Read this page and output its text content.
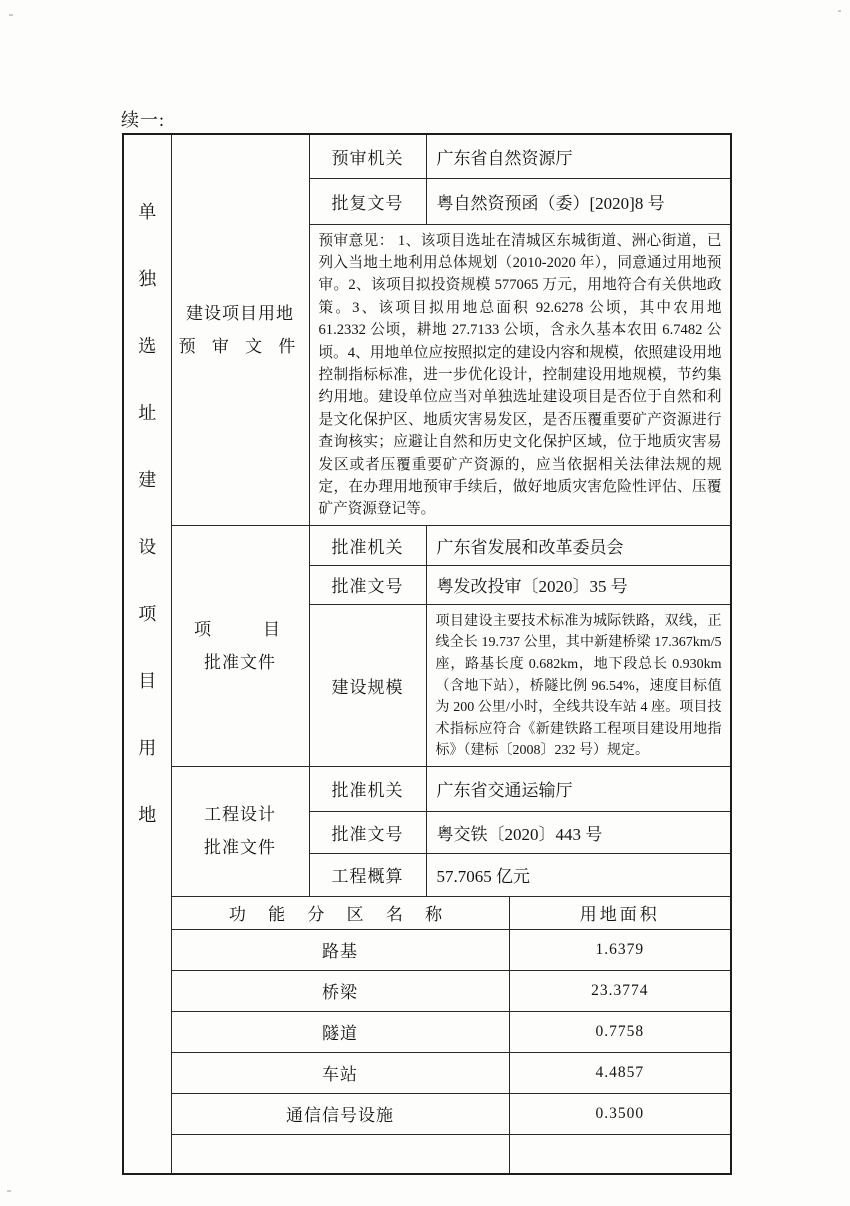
续一:
单
独
选
址
建
设
项
目
用
地

建设项目用地
预 审 文 件
	预审机关	广东省自然资源厅

		批复文号	粤自然资预函（委）[2020]8 号	

		预审意见： 1、该项目选址在清城区东城街道、洲心街道，已列入当地土地利用总体规划（2010-2020 年），同意通过用地预审。2、该项目拟投资规模 577065 万元，用地符合有关供地政策。3、该项目拟用地总面积 92.6278 公顷，其中农用地 61.2332 公顷，耕地 27.7133 公顷，含永久基本农田 6.7482 公顷。4、用地单位应按照拟定的建设内容和规模，依照建设用地控制指标标准，进一步优化设计，控制建设用地规模，节约集约用地。建设单位应当对单独选址建设项目是否位于自然和利是文化保护区、地质灾害易发区，是否压覆重要矿产资源进行查询核实；应避让自然和历史文化保护区域，位于地质灾害易发区或者压覆重要矿产资源的，应当依据相关法律法规的规定，在办理用地预审手续后，做好地质灾害危险性评估、压覆矿产资源登记等。		

	项　　目
批准文件	批准机关	广东省发展和改革委员会	

		批准文号	粤发改投审〔2020〕35 号	

		建设规模	项目建设主要技术标准为城际铁路，双线，正线全长 19.737 公里，其中新建桥梁 17.367km/5 座，路基长度 0.682km，地下段总长 0.930km（含地下站），桥隧比例 96.54%，速度目标值为 200 公里/小时，全线共设车站 4 座。项目技术指标应符合《新建铁路工程项目建设用地指标》（建标〔2008〕232 号）规定。	

	工程设计
批准文件	批准机关	广东省交通运输厅	

		批准文号	粤交铁〔2020〕443 号	

		工程概算	57.7065 亿元	

	功 能 分 区 名 称			用地面积
	路基			1.6379
	桥梁			23.3774
	隧道			0.7758
	车站			4.4857
	通信信号设施			0.3500
